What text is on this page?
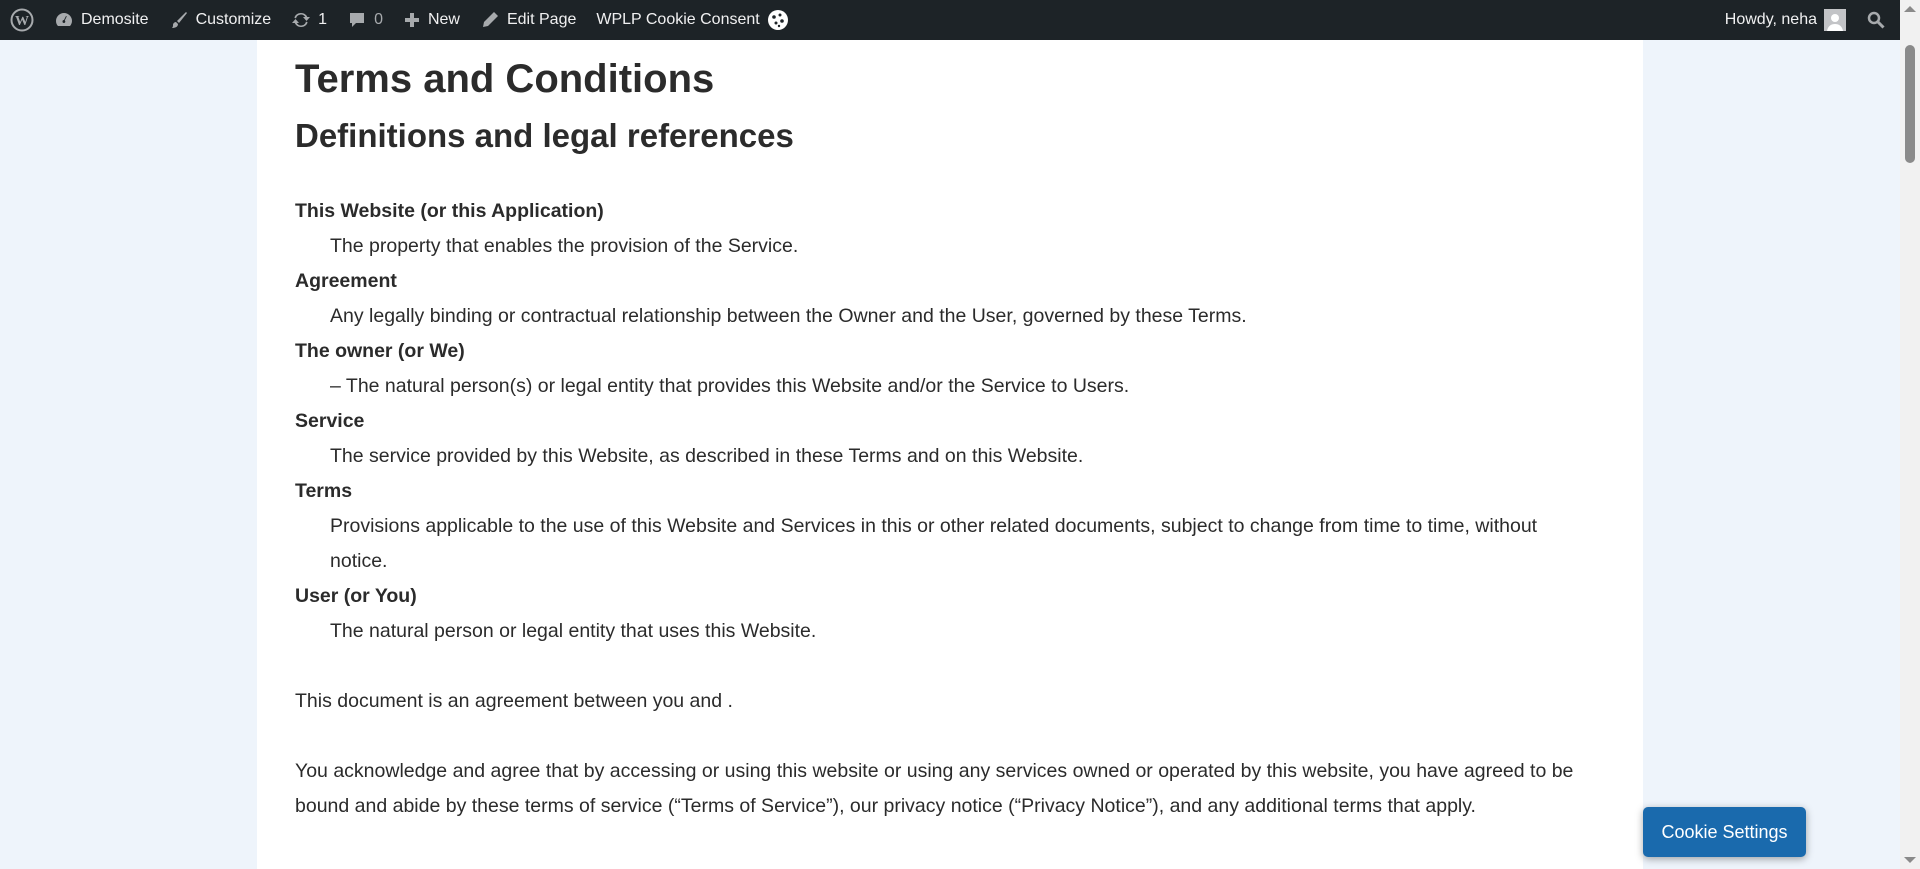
W	Demosite	Customize	1	0	New	Edit Page WPLP Cookie Consent	Howdy, neha
Terms and Conditions
Definitions and legal references
This Website (or this Application)
The property that enables the provision of the Service.
Agreement
Any legally binding or contractual relationship between the Owner and the User, governed by these Terms.
The owner (or We)
– The natural person(s) or legal entity that provides this Website and/or the Service to Users.
Service
The service provided by this Website, as described in these Terms and on this Website.
Terms
Provisions applicable to the use of this Website and Services in this or other related documents, subject to change from time to time, without notice.
User (or You)
The natural person or legal entity that uses this Website.

This document is an agreement between you and .

You acknowledge and agree that by accessing or using this website or using any services owned or operated by this website, you have agreed to be bound and abide by these terms of service (“Terms of Service”), our privacy notice (“Privacy Notice”), and any additional terms that apply.

Cookie Settings
